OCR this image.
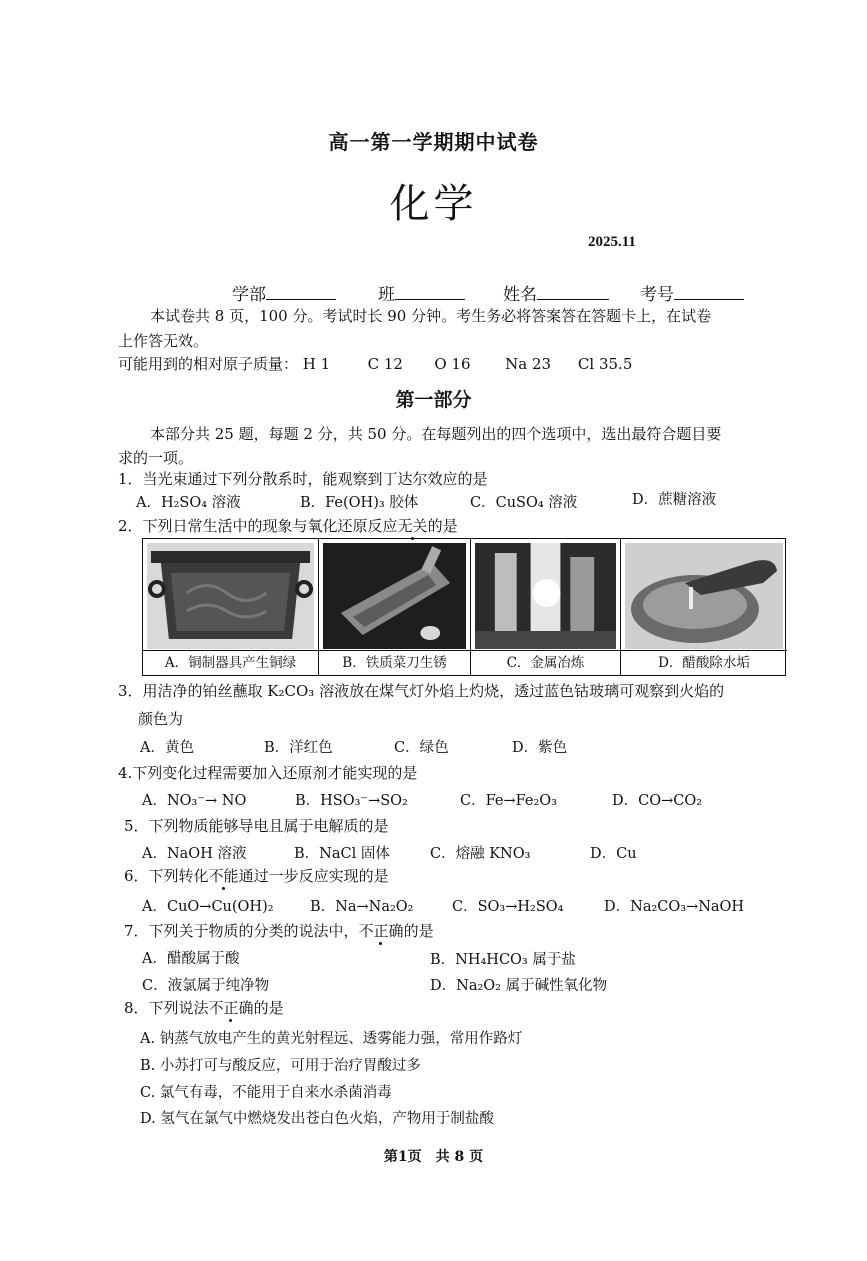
高一第一学期期中试卷
化学
2025.11
学部	班	姓名	考号
本试卷共 8 页，100 分。考试时长 90 分钟。考生务必将答案答在答题卡上，在试卷
上作答无效。
可能用到的相对原子质量： H 1 C 12 O 16 Na 23 Cl 35.5
第一部分
本部分共 25 题，每题 2 分，共 50 分。在每题列出的四个选项中，选出最符合题目要
求的一项。
1．当光束通过下列分散系时，能观察到丁达尔效应的是
A．H₂SO₄ 溶液	B．Fe(OH)₃ 胶体	C．CuSO₄ 溶液	D．蔗糖溶液
2．下列日常生活中的现象与氧化还原反应无关的是
A．铜制器具产生铜绿	B．铁质菜刀生锈	C．金属冶炼	D．醋酸除水垢
3．用洁净的铂丝蘸取 K₂CO₃ 溶液放在煤气灯外焰上灼烧，透过蓝色钴玻璃可观察到火焰的
颜色为
A．黄色	B．洋红色	C．绿色	D．紫色
4.下列变化过程需要加入还原剂才能实现的是
A．NO₃⁻→ NO	B．HSO₃⁻→SO₂	C．Fe→Fe₂O₃	D．CO→CO₂
5．下列物质能够导电且属于电解质的是
A．NaOH 溶液	B．NaCl 固体	C．熔融 KNO₃	D．Cu
6．下列转化不能通过一步反应实现的是
A．CuO→Cu(OH)₂	B．Na→Na₂O₂	C．SO₃→H₂SO₄	D．Na₂CO₃→NaOH
7．下列关于物质的分类的说法中，不正确的是
A．醋酸属于酸	B．NH₄HCO₃ 属于盐
C．液氯属于纯净物	D．Na₂O₂ 属于碱性氧化物
8．下列说法不正确的是
A. 钠蒸气放电产生的黄光射程远、透雾能力强，常用作路灯
B. 小苏打可与酸反应，可用于治疗胃酸过多
C. 氯气有毒，不能用于自来水杀菌消毒
D. 氢气在氯气中燃烧发出苍白色火焰，产物用于制盐酸
第1页　共 8 页
